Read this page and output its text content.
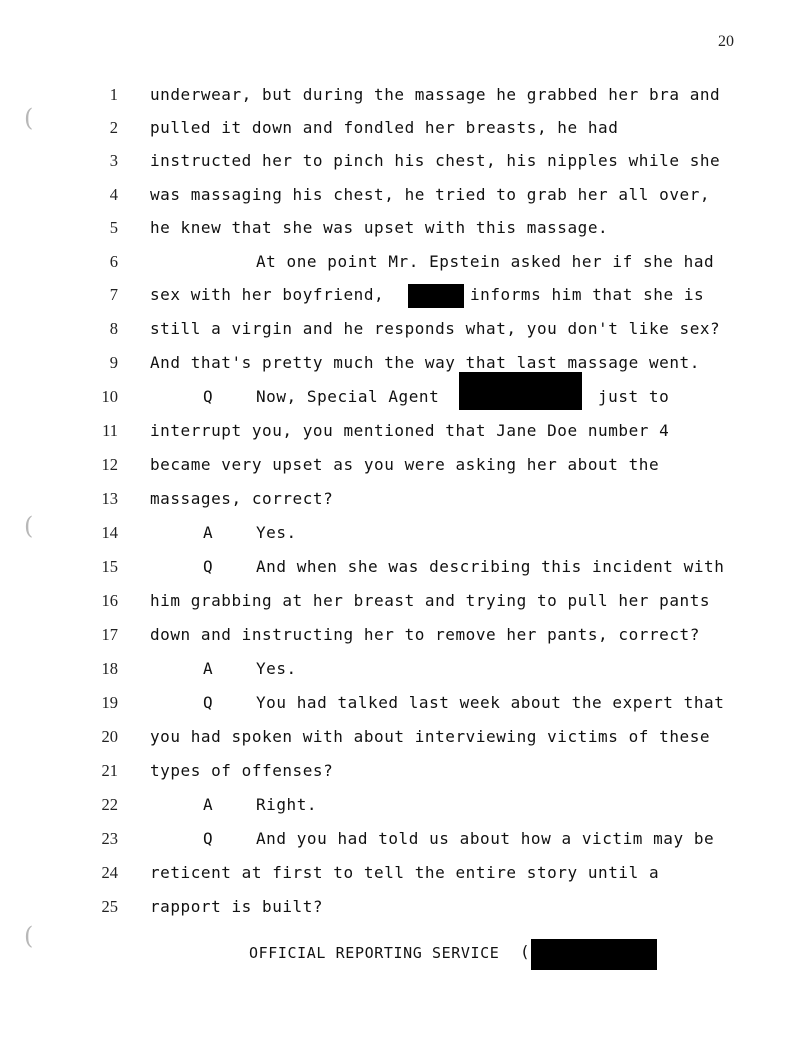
20
(
(
(
1 underwear, but during the massage he grabbed her bra and
2 pulled it down and fondled her breasts, he had
3 instructed her to pinch his chest, his nipples while she
4 was massaging his chest, he tried to grab her all over,
5 he knew that she was upset with this massage.
6	At one point Mr. Epstein asked her if she had
7 sex with her boyfriend,	informs him that she is
8 still a virgin and he responds what, you don't like sex?
9 And that's pretty much the way that last massage went.
10	Q	Now, Special Agent	just to
11 interrupt you, you mentioned that Jane Doe number 4
12 became very upset as you were asking her about the
13 massages, correct?
14	A	Yes.
15	Q	And when she was describing this incident with
16 him grabbing at her breast and trying to pull her pants
17 down and instructing her to remove her pants, correct?
18	A	Yes.
19	Q	You had talked last week about the expert that
20 you had spoken with about interviewing victims of these
21 types of offenses?
22	A	Right.
23	Q	And you had told us about how a victim may be
24 reticent at first to tell the entire story until a
25 rapport is built?
OFFICIAL REPORTING SERVICE (
